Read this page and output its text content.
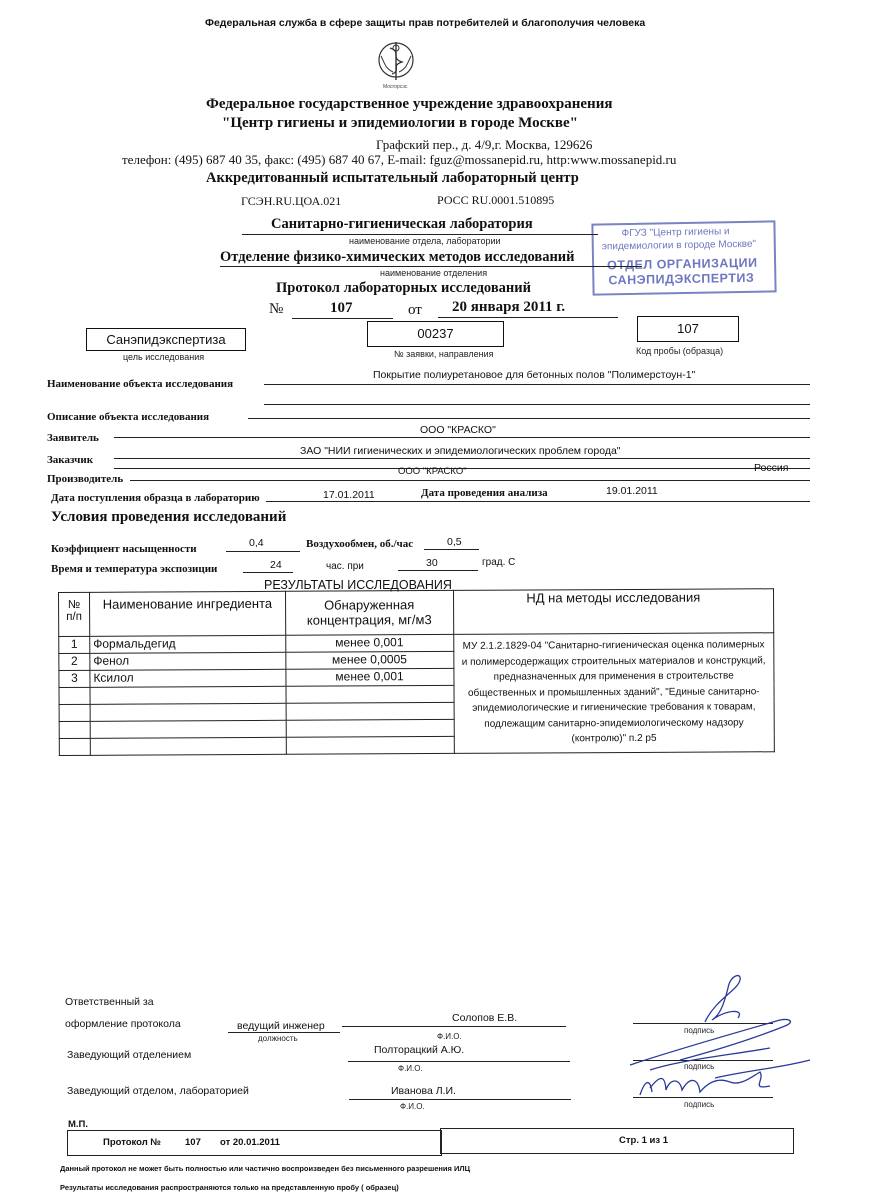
Федеральная служба в сфере защиты прав потребителей и благополучия человека
Мосгорсэс
Федеральное государственное учреждение здравоохранения
"Центр гигиены и эпидемиологии в городе Москве"
Графский пер., д. 4/9,г. Москва, 129626
телефон: (495) 687 40 35, факс: (495) 687 40 67, E-mail: fguz@mossanepid.ru, http:www.mossanepid.ru
Аккредитованный испытательный лабораторный центр
ГСЭН.RU.ЦОА.021	РОСС RU.0001.510895
ФГУЗ "Центр гигиены и
эпидемиологии в городе Москве"
ОТДЕЛ ОРГАНИЗАЦИИ
САНЭПИДЭКСПЕРТИЗ
Санитарно-гигиеническая лаборатория
наименование отдела, лаборатории
Отделение физико-химических методов исследований
наименование отделения
Протокол лабораторных исследований
№	107	от 20 января 2011 г.
Санэпидэкспертиза
цель исследования
00237
№ заявки, направления
107
Код пробы (образца)
Наименование объекта исследования
Покрытие полиуретановое для бетонных полов "Полимерстоун-1"
Описание объекта исследования
Заявитель
ООО "КРАСКО"
Заказчик
ЗАО "НИИ гигиенических и эпидемиологических проблем города"
Производитель
ООО "КРАСКО"	Россия
Дата поступления образца в лабораторию	17.01.2011	Дата проведения анализа	19.01.2011
Условия проведения исследований
Коэффициент насыщенности	0,4	Воздухообмен, об./час	0,5
Время и температура экспозиции	24	час. при	30	град. С
РЕЗУЛЬТАТЫ ИССЛЕДОВАНИЯ
№
п/п	Наименование ингредиента	Обнаруженная
концентрация, мг/м3	НД на методы исследования
1	Формальдегид	менее 0,001	МУ 2.1.2.1829-04 "Санитарно-гигиеническая оценка полимерных и полимерсодержащих строительных материалов и конструкций, предназначенных для применения в строительстве общественных и промышленных зданий", "Единые санитарно-эпидемиологические и гигиенические требования к товарам, подлежащим санитарно-эпидемиологическому надзору (контролю)" п.2 р5
2	Фенол	менее 0,0005	
3	Ксилол	менее 0,001	

Ответственный за
оформление протокола	ведущий инженер
должность
Солопов Е.В.
Ф.И.О.
подпись
Заведующий отделением	Полторацкий А.Ю.
Ф.И.О.	подпись
Заведующий отделом, лабораторией	Иванова Л.И.
Ф.И.О.	подпись
М.П.
Протокол №	107 от 20.01.2011	Стр. 1 из 1
Данный протокол не может быть полностью или частично воспроизведен без письменного разрешения ИЛЦ
Результаты исследования распространяются только на представленную пробу ( образец)
